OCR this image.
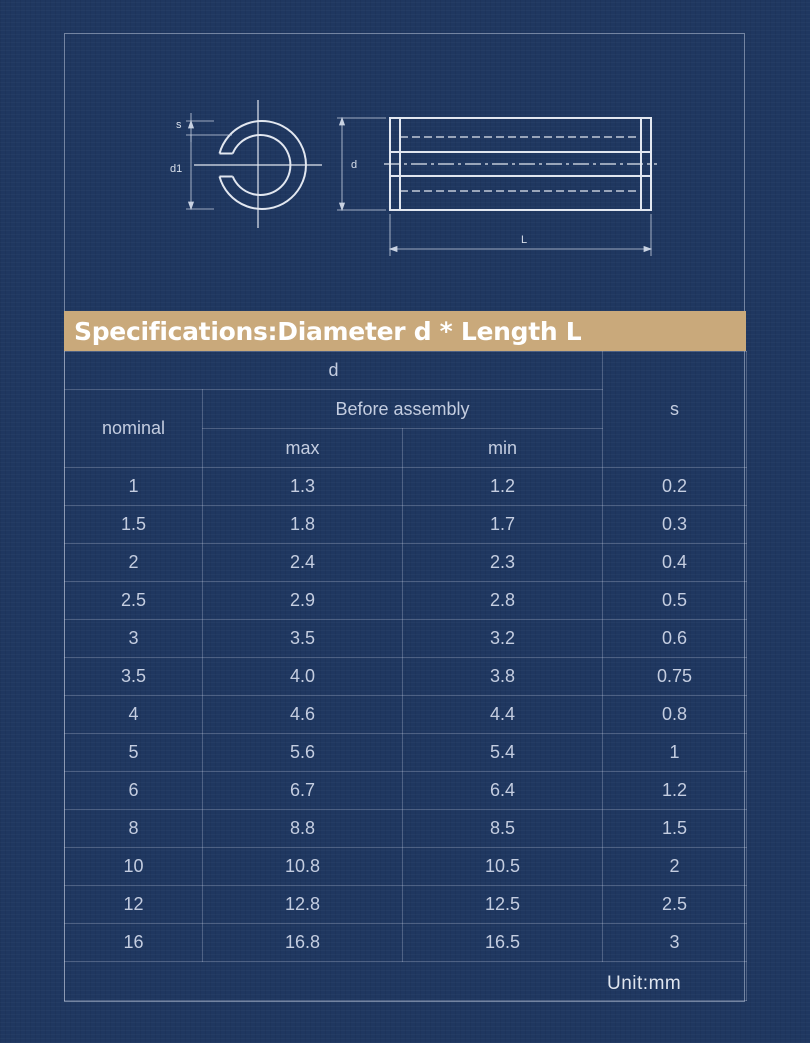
s
d1	d
L
Specifications:Diameter d * Length L
d			s
nominal	Before assembly		
	max	min	
1	1.3	1.2	0.2
1.5	1.8	1.7	0.3
2	2.4	2.3	0.4
2.5	2.9	2.8	0.5
3	3.5	3.2	0.6
3.5	4.0	3.8	0.75
4	4.6	4.4	0.8
5	5.6	5.4	1
6	6.7	6.4	1.2
8	8.8	8.5	1.5
10	10.8	10.5	2
12	12.8	12.5	2.5
16	16.8	16.5	3

Unit:mm
